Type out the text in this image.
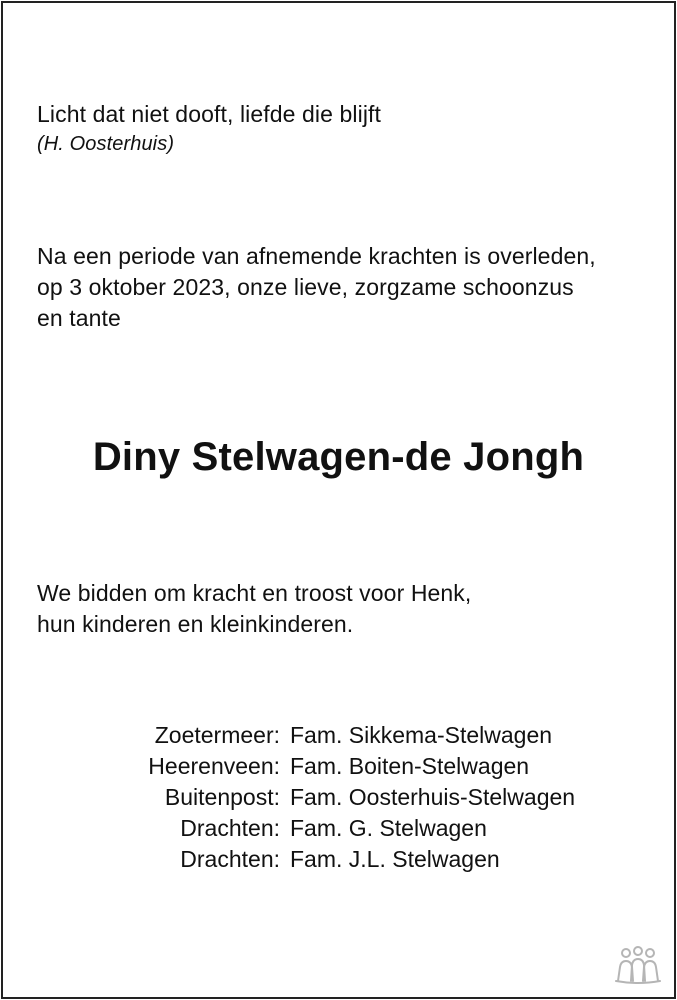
Licht dat niet dooft, liefde die blijft
(H. Oosterhuis)
Na een periode van afnemende krachten is overleden,
op 3 oktober 2023, onze lieve, zorgzame schoonzus
en tante
Diny Stelwagen-de Jongh
We bidden om kracht en troost voor Henk,
hun kinderen en kleinkinderen.
Zoetermeer: Fam. Sikkema-Stelwagen
Heerenveen: Fam. Boiten-Stelwagen
Buitenpost: Fam. Oosterhuis-Stelwagen
Drachten: Fam. G. Stelwagen
Drachten: Fam. J.L. Stelwagen
